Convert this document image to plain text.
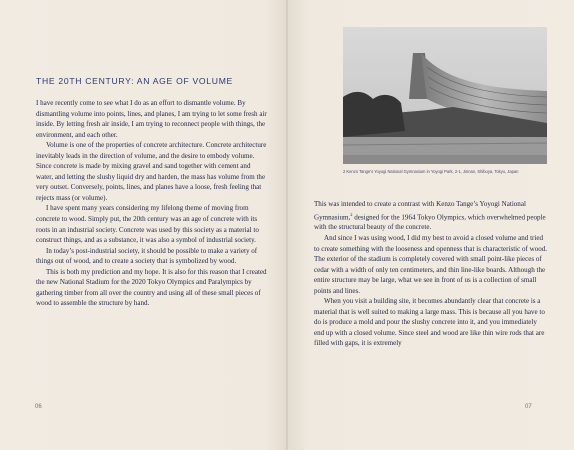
THE 20TH CENTURY: AN AGE OF VOLUME

I have recently come to see what I do as an effort to dismantle volume. By dismantling volume into points, lines, and planes, I am trying to let some fresh air inside. By letting fresh air inside, I am trying to reconnect people with things, the environment, and each other.

Volume is one of the properties of concrete architecture. Concrete architecture inevitably leads in the direction of volume, and the desire to embody volume. Since concrete is made by mixing gravel and sand together with cement and water, and letting the slushy liquid dry and harden, the mass has volume from the very outset. Conversely, points, lines, and planes have a loose, fresh feeling that rejects mass (or volume).

I have spent many years considering my lifelong theme of moving from concrete to wood. Simply put, the 20th century was an age of concrete with its roots in an industrial society. Concrete was used by this society as a material to construct things, and as a substance, it was also a symbol of industrial society.

In today’s post-industrial society, it should be possible to make a variety of things out of wood, and to create a society that is symbolized by wood.

This is both my prediction and my hope. It is also for this reason that I created the new National Stadium for the 2020 Tokyo Olympics and Paralympics by gathering timber from all over the country and using all of these small pieces of wood to assemble the structure by hand.

06
2 Kenzo Tange’s Yoyogi National Gymnasium in Yoyogi Park, 2-1, Jinnan, Shibuya, Tokyo, Japan

This was intended to create a contrast with Kenzo Tange’s Yoyogi National Gymnasium,$^2$ designed for the 1964 Tokyo Olympics, which overwhelmed people with the structural beauty of the concrete.

And since I was using wood, I did my best to avoid a closed volume and tried to create something with the looseness and openness that is characteristic of wood. The exterior of the stadium is completely covered with small point-like pieces of cedar with a width of only ten centimeters, and thin line-like boards. Although the entire structure may be large, what we see in front of us is a collection of small points and lines.

When you visit a building site, it becomes abundantly clear that concrete is a material that is well suited to making a large mass. This is because all you have to do is produce a mold and pour the slushy concrete into it, and you immediately end up with a closed volume. Since steel and wood are like thin wire rods that are filled with gaps, it is extremely

07
